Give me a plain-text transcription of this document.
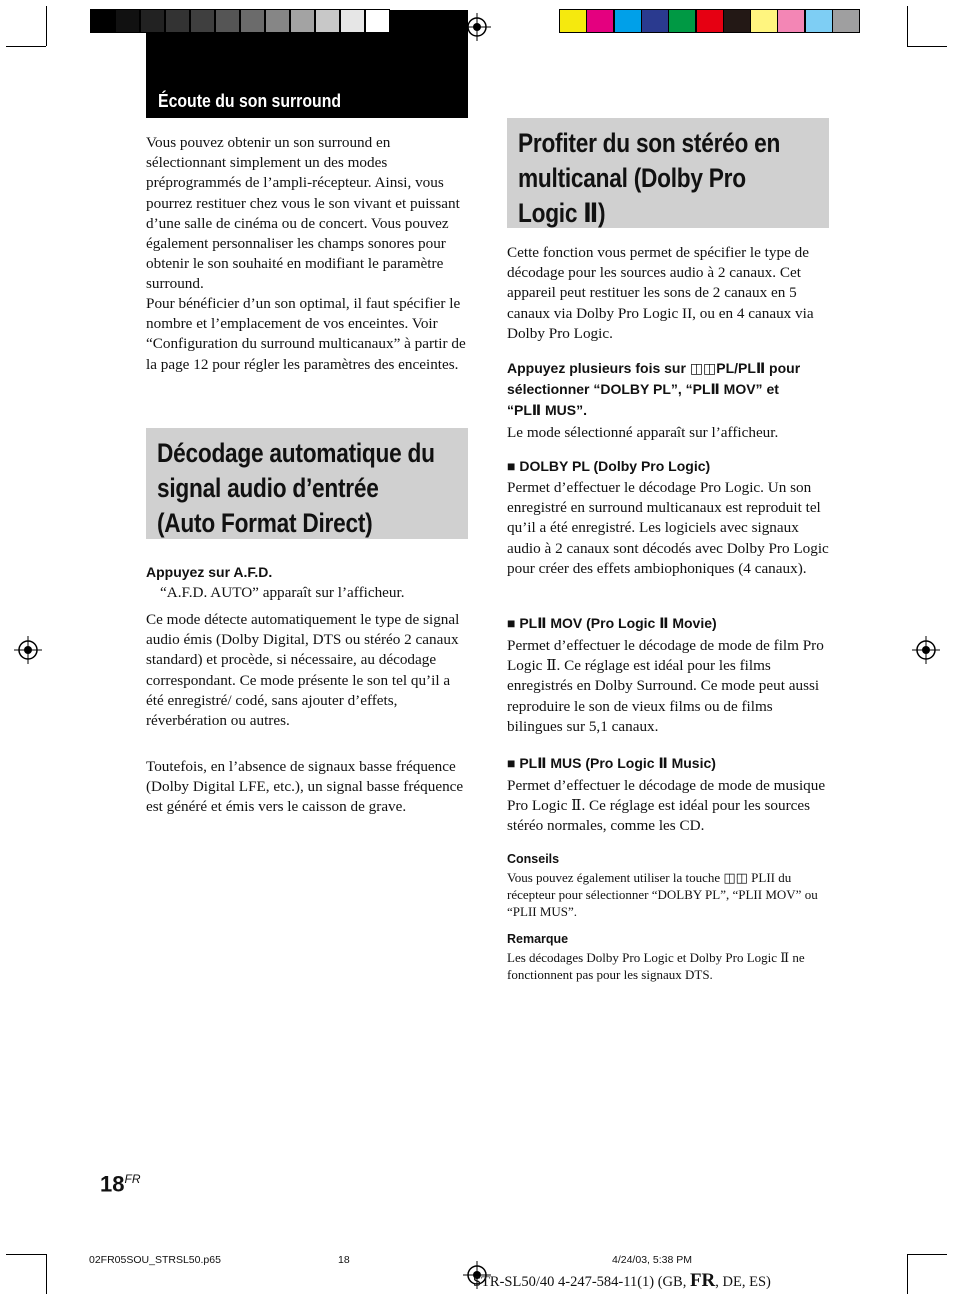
Écoute du son surround

Vous pouvez obtenir un son surround en sélectionnant simplement un des modes préprogrammés de l’ampli-récepteur. Ainsi, vous pourrez restituer chez vous le son vivant et puissant d’une salle de cinéma ou de concert. Vous pouvez également personnaliser les champs sonores pour obtenir le son souhaité en modifiant le paramètre surround.

Pour bénéficier d’un son optimal, il faut spécifier le nombre et l’emplacement de vos enceintes. Voir “Configuration du surround multicanaux” à partir de la page 12 pour régler les paramètres des enceintes.

Décodage automatique du
signal audio d’entrée
(Auto Format Direct)

Appuyez sur A.F.D.

“A.F.D. AUTO” apparaît sur l’afficheur.

Ce mode détecte automatiquement le type de signal audio émis (Dolby Digital, DTS ou stéréo 2 canaux standard) et procède, si nécessaire, au décodage correspondant. Ce mode présente le son tel qu’il a été enregistré/ codé, sans ajouter d’effets, réverbération ou autres.

Toutefois, en l’absence de signaux basse fréquence (Dolby Digital LFE, etc.), un signal basse fréquence est généré et émis vers le caisson de grave.

Profiter du son stéréo en
multicanal (Dolby Pro
Logic Ⅱ)

Cette fonction vous permet de spécifier le type de décodage pour les sources audio à 2 canaux. Cet appareil peut restituer les sons de 2 canaux en 5 canaux via Dolby Pro Logic II, ou en 4 canaux via Dolby Pro Logic.

Appuyez plusieurs fois sur ◫◫PL/PLⅡ pour sélectionner “DOLBY PL”, “PLⅡ MOV” et “PLⅡ MUS”.

Le mode sélectionné apparaît sur l’afficheur.

■ DOLBY PL (Dolby Pro Logic)

Permet d’effectuer le décodage Pro Logic. Un son enregistré en surround multicanaux est reproduit tel qu’il a été enregistré. Les logiciels avec signaux audio à 2 canaux sont décodés avec Dolby Pro Logic pour créer des effets ambiophoniques (4 canaux).

■ PLⅡ MOV (Pro Logic Ⅱ Movie)

Permet d’effectuer le décodage de mode de film Pro Logic Ⅱ. Ce réglage est idéal pour les films enregistrés en Dolby Surround. Ce mode peut aussi reproduire le son de vieux films ou de films bilingues sur 5,1 canaux.

■ PLⅡ MUS (Pro Logic Ⅱ Music)

Permet d’effectuer le décodage de mode de musique Pro Logic Ⅱ. Ce réglage est idéal pour les sources stéréo normales, comme les CD.

Conseils

Vous pouvez également utiliser la touche ◫◫ PLII du récepteur pour sélectionner “DOLBY PL”, “PLII MOV” ou “PLII MUS”.

Remarque

Les décodages Dolby Pro Logic et Dolby Pro Logic Ⅱ ne fonctionnent pas pour les signaux DTS.

$18^{FR}$
02FR05SOU_STRSL50.p65	18	4/24/03, 5:38 PM
STR-SL50/40 4-247-584-11(1) (GB, FR, DE, ES)
